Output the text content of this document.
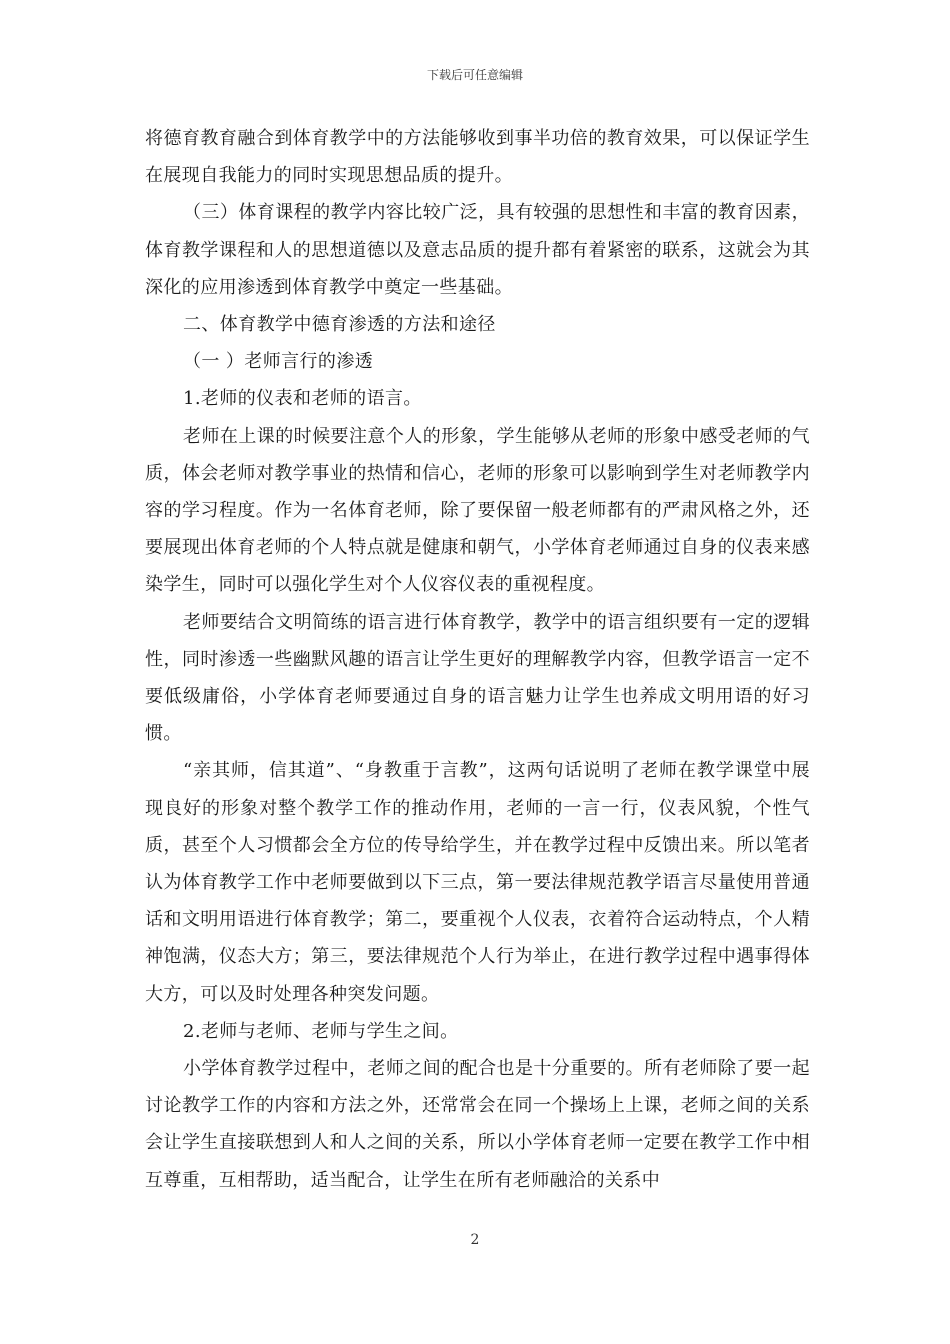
下载后可任意编辑

将德育教育融合到体育教学中的方法能够收到事半功倍的教育效果，可以保证学生在展现自我能力的同时实现思想品质的提升。

（三）体育课程的教学内容比较广泛，具有较强的思想性和丰富的教育因素，体育教学课程和人的思想道德以及意志品质的提升都有着紧密的联系，这就会为其深化的应用渗透到体育教学中奠定一些基础。

二、体育教学中德育渗透的方法和途径

（一 ）老师言行的渗透

1.老师的仪表和老师的语言。

老师在上课的时候要注意个人的形象，学生能够从老师的形象中感受老师的气质，体会老师对教学事业的热情和信心，老师的形象可以影响到学生对老师教学内容的学习程度。作为一名体育老师，除了要保留一般老师都有的严肃风格之外，还要展现出体育老师的个人特点就是健康和朝气，小学体育老师通过自身的仪表来感染学生，同时可以强化学生对个人仪容仪表的重视程度。

老师要结合文明简练的语言进行体育教学，教学中的语言组织要有一定的逻辑性，同时渗透一些幽默风趣的语言让学生更好的理解教学内容，但教学语言一定不要低级庸俗，小学体育老师要通过自身的语言魅力让学生也养成文明用语的好习惯。

“亲其师，信其道”、“身教重于言教”，这两句话说明了老师在教学课堂中展现良好的形象对整个教学工作的推动作用，老师的一言一行，仪表风貌，个性气质，甚至个人习惯都会全方位的传导给学生，并在教学过程中反馈出来。所以笔者认为体育教学工作中老师要做到以下三点，第一要法律规范教学语言尽量使用普通话和文明用语进行体育教学；第二，要重视个人仪表，衣着符合运动特点，个人精神饱满，仪态大方；第三，要法律规范个人行为举止，在进行教学过程中遇事得体大方，可以及时处理各种突发问题。

2.老师与老师、老师与学生之间。

小学体育教学过程中，老师之间的配合也是十分重要的。所有老师除了要一起讨论教学工作的内容和方法之外，还常常会在同一个操场上上课，老师之间的关系会让学生直接联想到人和人之间的关系，所以小学体育老师一定要在教学工作中相互尊重，互相帮助，适当配合，让学生在所有老师融洽的关系中

2
